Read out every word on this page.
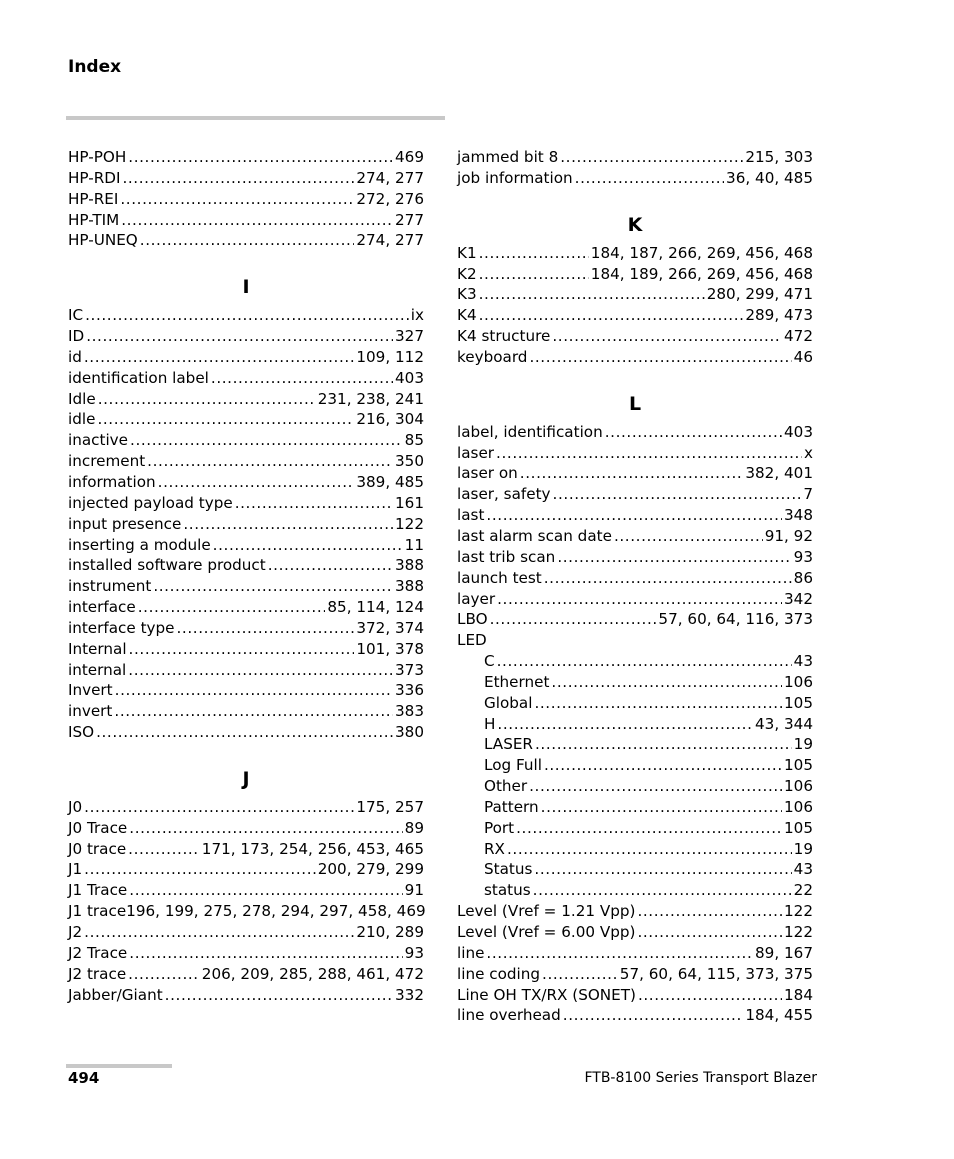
Index
HP-POH .....	469
HP-RDI .....	274, 277
HP-REI .....	272, 276
HP-TIM .....	277
HP-UNEQ .....	274, 277
I
IC .....	ix
ID .....	327
id .....	109, 112
identification label .....	403
Idle .....	231, 238, 241
idle .....	216, 304
inactive .....	85
increment .....	350
information .....	389, 485
injected payload type .....	161
input presence .....	122
inserting a module .....	11
installed software product .....	388
instrument .....	388
interface .....	85, 114, 124
interface type .....	372, 374
Internal .....	101, 378
internal .....	373
Invert .....	336
invert .....	383
ISO .....	380
J
J0 .....	175, 257
J0 Trace .....	89
J0 trace .....	171, 173, 254, 256, 453, 465
J1 .....	200, 279, 299
J1 Trace .....	91
J1 trace 196, 199, 275, 278, 294, 297, 458, 469
J2 .....	210, 289
J2 Trace .....	93
J2 trace .....	206, 209, 285, 288, 461, 472
Jabber/Giant .....	332
jammed bit 8 .....	215, 303
job information .....	36, 40, 485
K
K1 .....	184, 187, 266, 269, 456, 468
K2 .....	184, 189, 266, 269, 456, 468
K3 .....	280, 299, 471
K4 .....	289, 473
K4 structure .....	472
keyboard .....	46
L
label, identification .....	403
laser .....	x
laser on .....	382, 401
laser, safety .....	7
last .....	348
last alarm scan date .....	91, 92
last trib scan .....	93
launch test .....	86
layer .....	342
LBO .....	57, 60, 64, 116, 373
LED
C .....	43
Ethernet .....	106
Global .....	105
H .....	43, 344
LASER .....	19
Log Full .....	105
Other .....	106
Pattern .....	106
Port .....	105
RX .....	19
Status .....	43
status .....	22
Level (Vref = 1.21 Vpp) .....	122
Level (Vref = 6.00 Vpp) .....	122
line .....	89, 167
line coding .....	57, 60, 64, 115, 373, 375
Line OH TX/RX (SONET) .....	184
line overhead .....	184, 455
494	FTB-8100 Series Transport Blazer
